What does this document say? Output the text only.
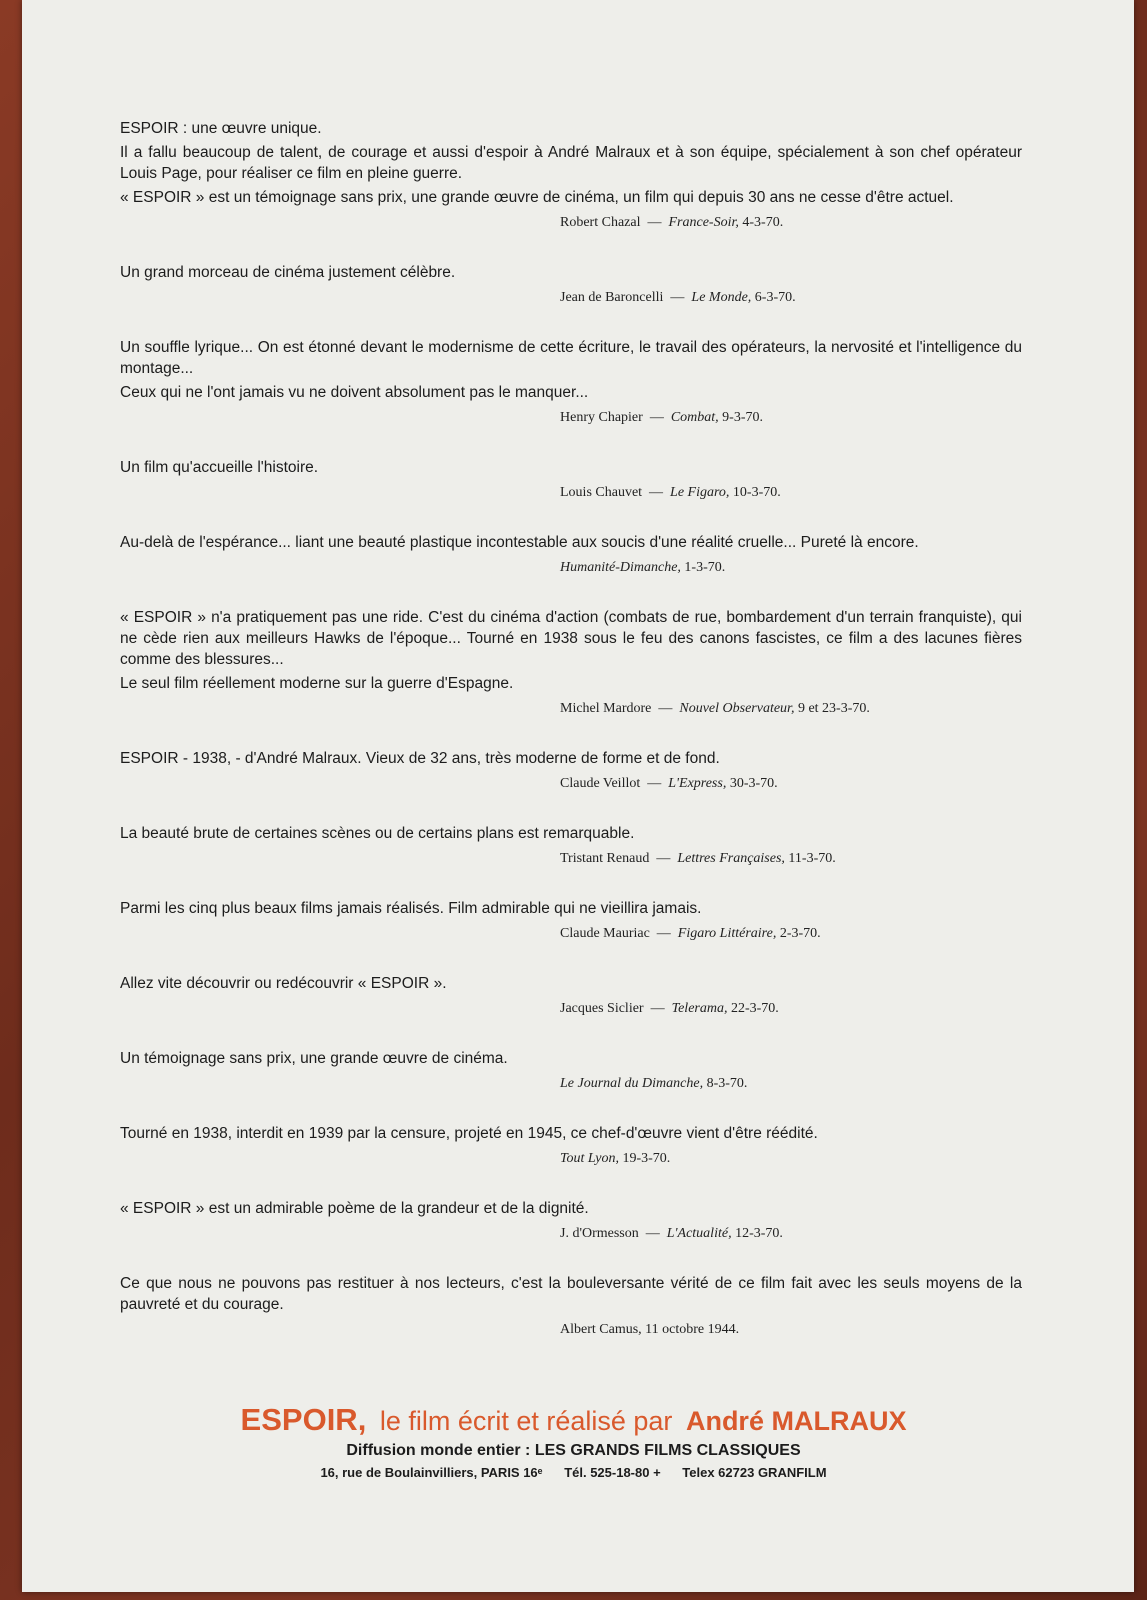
ESPOIR : une œuvre unique.
Il a fallu beaucoup de talent, de courage et aussi d'espoir à André Malraux et à son équipe, spécialement à son chef opérateur Louis Page, pour réaliser ce film en pleine guerre.
« ESPOIR » est un témoignage sans prix, une grande œuvre de cinéma, un film qui depuis 30 ans ne cesse d'être actuel.
Robert Chazal — France-Soir, 4-3-70.
Un grand morceau de cinéma justement célèbre.
Jean de Baroncelli — Le Monde, 6-3-70.
Un souffle lyrique... On est étonné devant le modernisme de cette écriture, le travail des opérateurs, la nervosité et l'intelligence du montage...
Ceux qui ne l'ont jamais vu ne doivent absolument pas le manquer...
Henry Chapier — Combat, 9-3-70.
Un film qu'accueille l'histoire.
Louis Chauvet — Le Figaro, 10-3-70.
Au-delà de l'espérance... liant une beauté plastique incontestable aux soucis d'une réalité cruelle... Pureté là encore.
Humanité-Dimanche, 1-3-70.
« ESPOIR » n'a pratiquement pas une ride. C'est du cinéma d'action (combats de rue, bombardement d'un terrain franquiste), qui ne cède rien aux meilleurs Hawks de l'époque... Tourné en 1938 sous le feu des canons fascistes, ce film a des lacunes fières comme des blessures...
Le seul film réellement moderne sur la guerre d'Espagne.
Michel Mardore — Nouvel Observateur, 9 et 23-3-70.
ESPOIR - 1938, - d'André Malraux. Vieux de 32 ans, très moderne de forme et de fond.
Claude Veillot — L'Express, 30-3-70.
La beauté brute de certaines scènes ou de certains plans est remarquable.
Tristant Renaud — Lettres Françaises, 11-3-70.
Parmi les cinq plus beaux films jamais réalisés. Film admirable qui ne vieillira jamais.
Claude Mauriac — Figaro Littéraire, 2-3-70.
Allez vite découvrir ou redécouvrir « ESPOIR ».
Jacques Siclier — Telerama, 22-3-70.
Un témoignage sans prix, une grande œuvre de cinéma.
Le Journal du Dimanche, 8-3-70.
Tourné en 1938, interdit en 1939 par la censure, projeté en 1945, ce chef-d'œuvre vient d'être réédité.
Tout Lyon, 19-3-70.
« ESPOIR » est un admirable poème de la grandeur et de la dignité.
J. d'Ormesson — L'Actualité, 12-3-70.
Ce que nous ne pouvons pas restituer à nos lecteurs, c'est la bouleversante vérité de ce film fait avec les seuls moyens de la pauvreté et du courage.
Albert Camus, 11 octobre 1944.
ESPOIR, le film écrit et réalisé par André MALRAUX
Diffusion monde entier : LES GRANDS FILMS CLASSIQUES
16, rue de Boulainvilliers, PARIS 16ᵉ Tél. 525-18-80 + Telex 62723 GRANFILM
